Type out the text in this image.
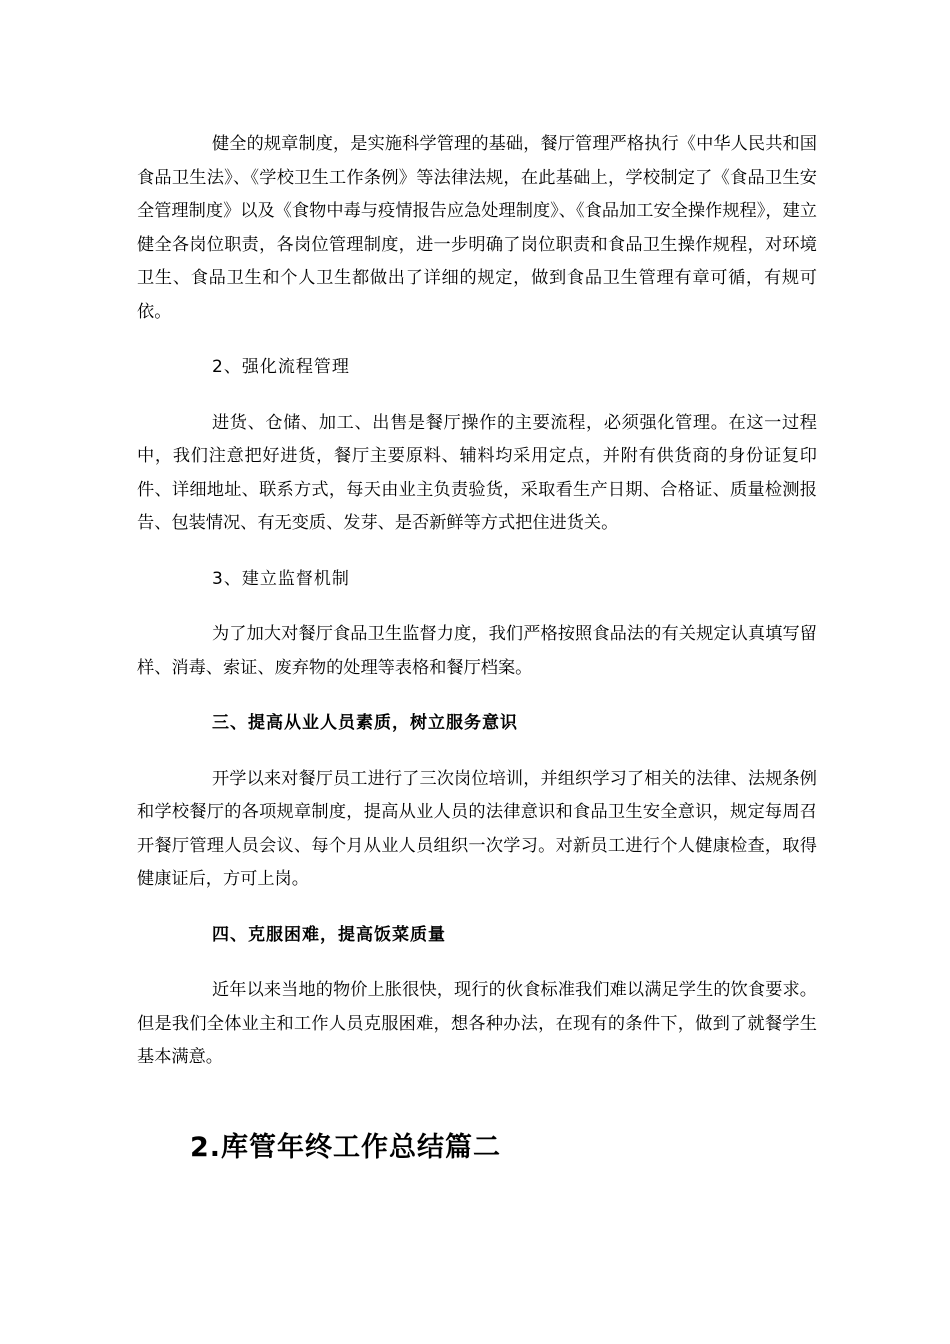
健全的规章制度，是实施科学管理的基础，餐厅管理严格执行《中华人民共和国食品卫生法》、《学校卫生工作条例》等法律法规，在此基础上，学校制定了《食品卫生安全管理制度》以及《食物中毒与疫情报告应急处理制度》、《食品加工安全操作规程》，建立健全各岗位职责，各岗位管理制度，进一步明确了岗位职责和食品卫生操作规程，对环境卫生、食品卫生和个人卫生都做出了详细的规定，做到食品卫生管理有章可循，有规可依。

2、强化流程管理

进货、仓储、加工、出售是餐厅操作的主要流程，必须强化管理。在这一过程中，我们注意把好进货，餐厅主要原料、辅料均采用定点，并附有供货商的身份证复印件、详细地址、联系方式，每天由业主负责验货，采取看生产日期、合格证、质量检测报告、包装情况、有无变质、发芽、是否新鲜等方式把住进货关。

3、建立监督机制

为了加大对餐厅食品卫生监督力度，我们严格按照食品法的有关规定认真填写留样、消毒、索证、废弃物的处理等表格和餐厅档案。

三、提高从业人员素质，树立服务意识

开学以来对餐厅员工进行了三次岗位培训，并组织学习了相关的法律、法规条例和学校餐厅的各项规章制度，提高从业人员的法律意识和食品卫生安全意识，规定每周召开餐厅管理人员会议、每个月从业人员组织一次学习。对新员工进行个人健康检查，取得健康证后，方可上岗。

四、克服困难，提高饭菜质量

近年以来当地的物价上胀很快，现行的伙食标准我们难以满足学生的饮食要求。但是我们全体业主和工作人员克服困难，想各种办法，在现有的条件下，做到了就餐学生基本满意。

2.库管年终工作总结篇二
